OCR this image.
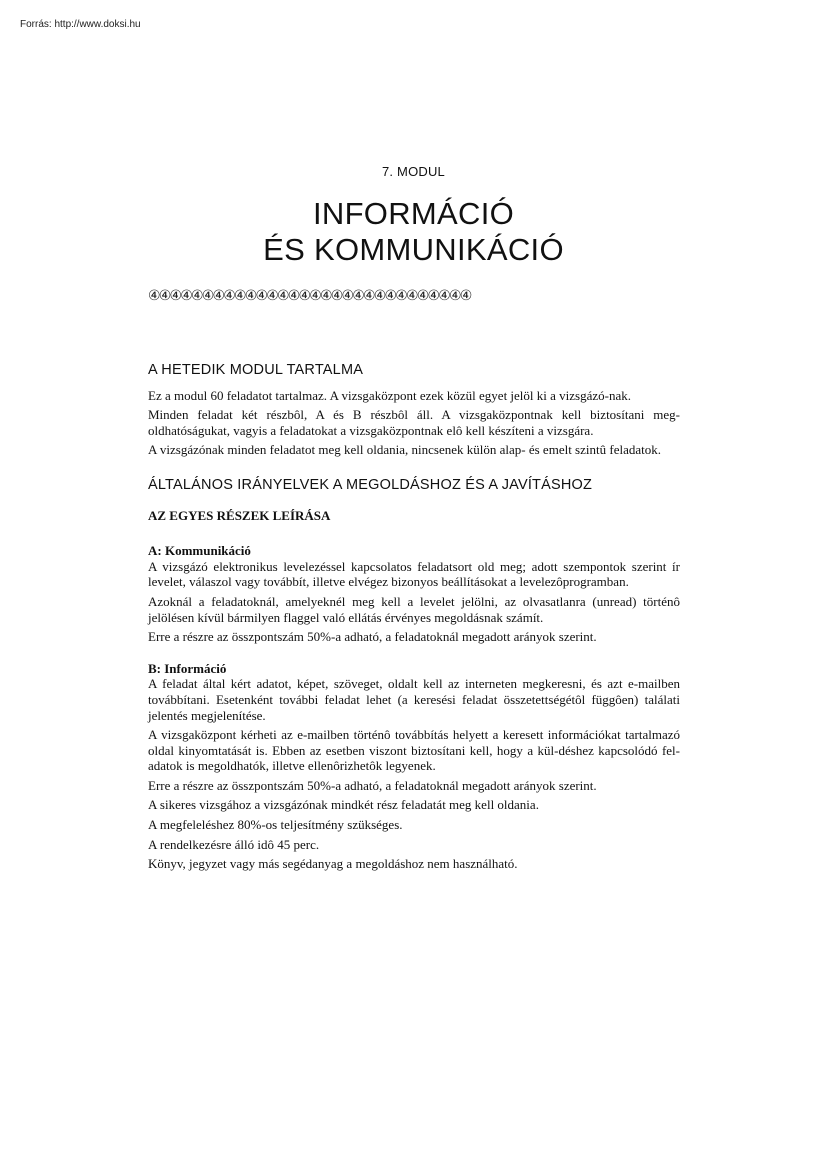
Forrás: http://www.doksi.hu
7. MODUL
INFORMÁCIÓ
ÉS KOMMUNIKÁCIÓ
④④④④④④④④④④④④④④④④④④④④④④④④④④④④④④
A HETEDIK MODUL TARTALMA

Ez a modul 60 feladatot tartalmaz. A vizsgaközpont ezek közül egyet jelöl ki a vizsgázó-nak.

Minden feladat két részbôl, A és B részbôl áll. A vizsgaközpontnak kell biztosítani meg-oldhatóságukat, vagyis a feladatokat a vizsgaközpontnak elô kell készíteni a vizsgára.

A vizsgázónak minden feladatot meg kell oldania, nincsenek külön alap- és emelt szintû feladatok.

ÁLTALÁNOS IRÁNYELVEK A MEGOLDÁSHOZ ÉS A JAVÍTÁSHOZ
AZ EGYES RÉSZEK LEÍRÁSA
A: Kommunikáció

A vizsgázó elektronikus levelezéssel kapcsolatos feladatsort old meg; adott szempontok szerint ír levelet, válaszol vagy továbbít, illetve elvégez bizonyos beállításokat a levelezôprogramban.

Azoknál a feladatoknál, amelyeknél meg kell a levelet jelölni, az olvasatlanra (unread) történô jelölésen kívül bármilyen flaggel való ellátás érvényes megoldásnak számít.

Erre a részre az összpontszám 50%-a adható, a feladatoknál megadott arányok szerint.

B: Információ

A feladat által kért adatot, képet, szöveget, oldalt kell az interneten megkeresni, és azt e-mailben továbbítani. Esetenként további feladat lehet (a keresési feladat összetettségétôl függôen) találati jelentés megjelenítése.

A vizsgaközpont kérheti az e-mailben történô továbbítás helyett a keresett információkat tartalmazó oldal kinyomtatását is. Ebben az esetben viszont biztosítani kell, hogy a kül-déshez kapcsolódó fel- adatok is megoldhatók, illetve ellenôrizhetôk legyenek.

Erre a részre az összpontszám 50%-a adható, a feladatoknál megadott arányok szerint.

A sikeres vizsgához a vizsgázónak mindkét rész feladatát meg kell oldania.

A megfeleléshez 80%-os teljesítmény szükséges.

A rendelkezésre álló idô 45 perc.

Könyv, jegyzet vagy más segédanyag a megoldáshoz nem használható.
